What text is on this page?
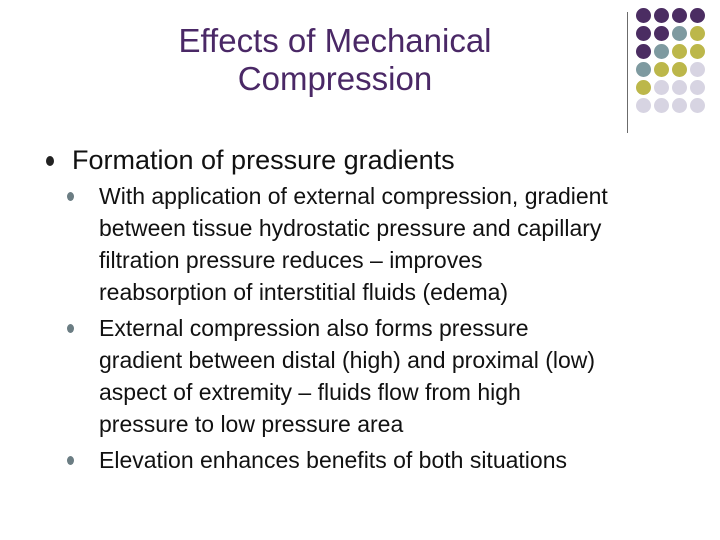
Effects of Mechanical
Compression
Formation of pressure gradients
With application of external compression, gradient
between tissue hydrostatic pressure and capillary
filtration pressure reduces – improves
reabsorption of interstitial fluids (edema)
External compression also forms pressure
gradient between distal (high) and proximal (low)
aspect of extremity – fluids flow from high
pressure to low pressure area
Elevation enhances benefits of both situations
